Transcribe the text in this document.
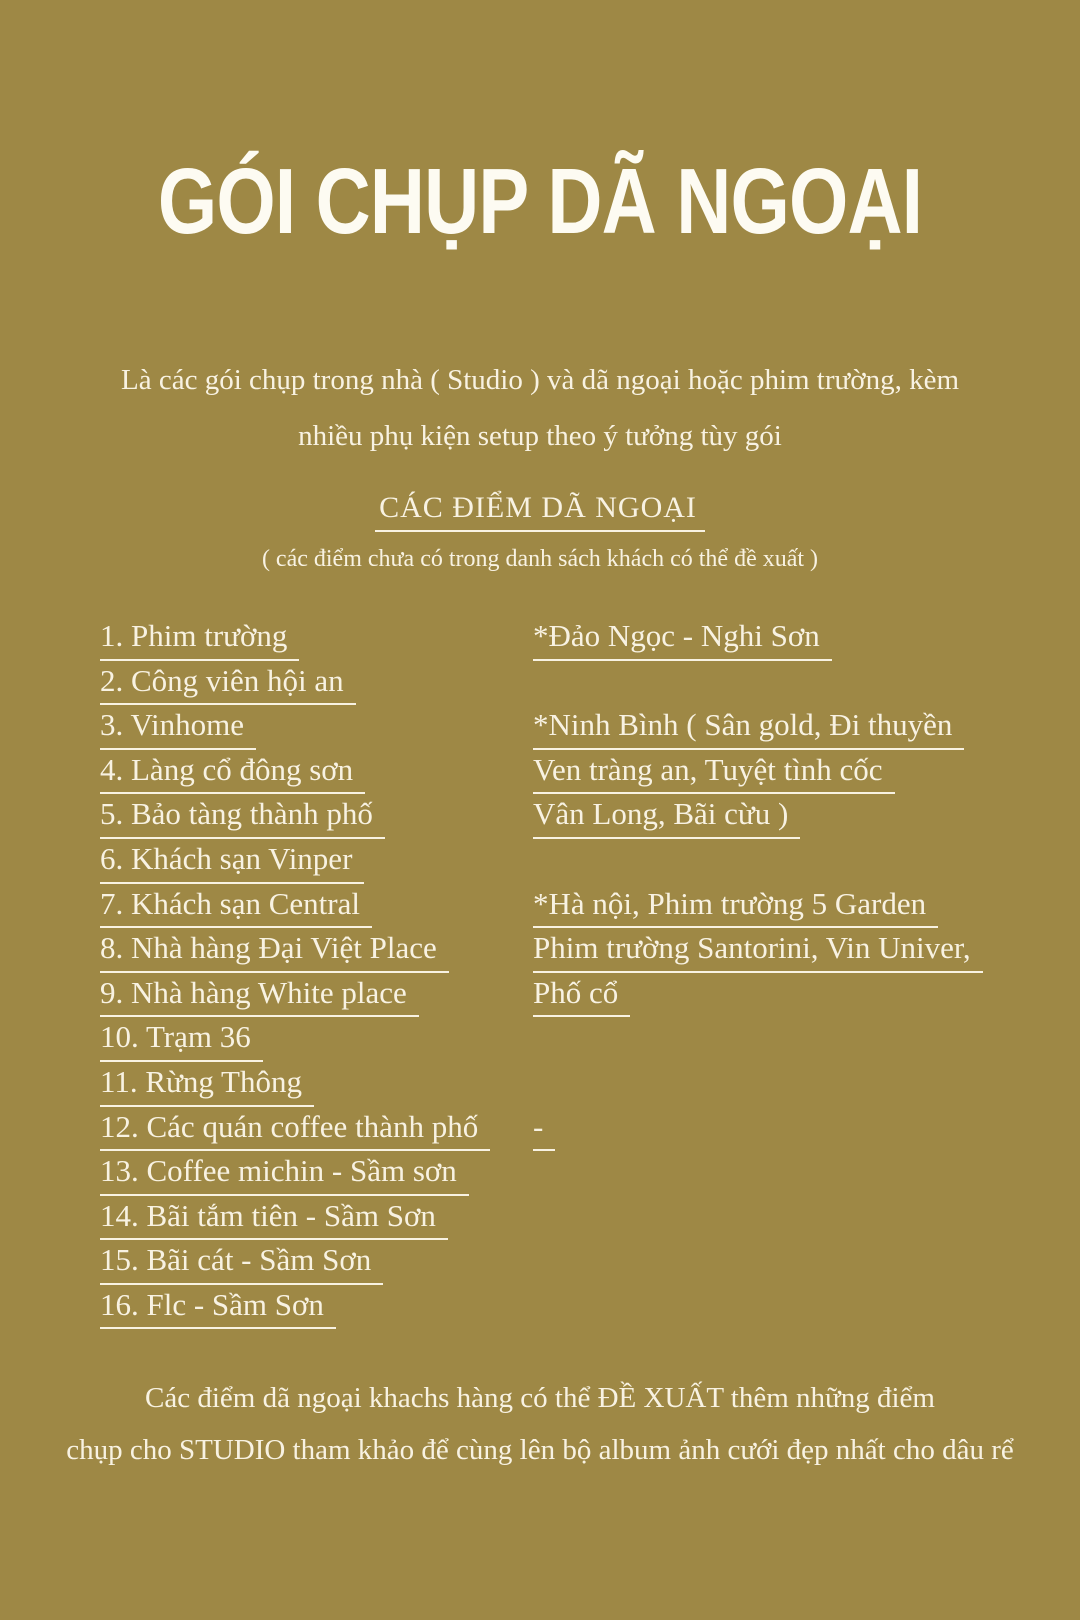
GÓI CHỤP DÃ NGOẠI
Là các gói chụp trong nhà ( Studio ) và dã ngoại hoặc phim trường, kèm
nhiều phụ kiện setup theo ý tưởng tùy gói
CÁC ĐIỂM DÃ NGOẠI
( các điểm chưa có trong danh sách khách có thể đề xuất )
1. Phim trường
2. Công viên hội an
3. Vinhome
4. Làng cổ đông sơn
5. Bảo tàng thành phố
6. Khách sạn Vinper
7. Khách sạn Central
8. Nhà hàng Đại Việt Place
9. Nhà hàng White place
10. Trạm 36
11. Rừng Thông
12. Các quán coffee thành phố
13. Coffee michin - Sầm sơn
14. Bãi tắm tiên - Sầm Sơn
15. Bãi cát - Sầm Sơn
16. Flc - Sầm Sơn
*Đảo Ngọc - Nghi Sơn
*Ninh Bình ( Sân gold, Đi thuyền
Ven tràng an, Tuyệt tình cốc
Vân Long, Bãi cừu )
*Hà nội, Phim trường 5 Garden
Phim trường Santorini, Vin Univer,
Phố cổ
-
Các điểm dã ngoại khachs hàng có thể ĐỀ XUẤT thêm những điểm
chụp cho STUDIO tham khảo để cùng lên bộ album ảnh cưới đẹp nhất cho dâu rể
